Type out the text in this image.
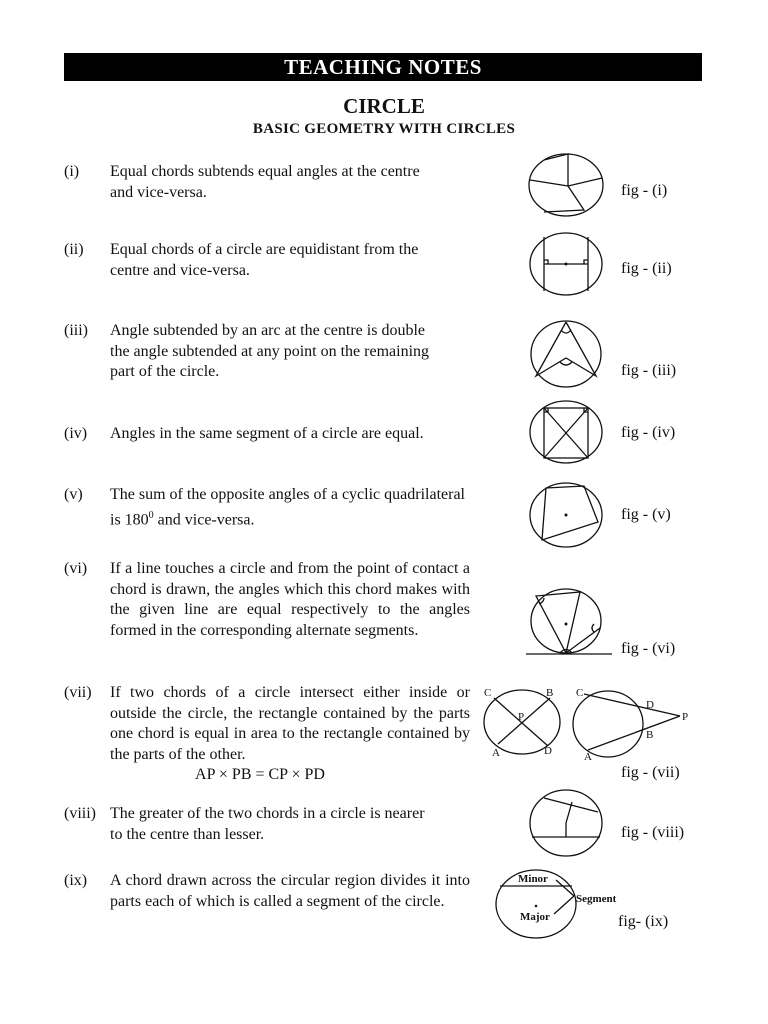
TEACHING NOTES
CIRCLE
BASIC GEOMETRY WITH CIRCLES
(i) Equal chords subtends equal angles at the centre
and vice-versa.	fig - (i)
(ii) Equal chords of a circle are equidistant from the
centre and vice-versa.	fig - (ii)
(iii) Angle subtended by an arc at the centre is double
the angle subtended at any point on the remaining
part of the circle.	fig - (iii)
(iv) Angles in the same segment of a circle are equal.	fig - (iv)
(v) The sum of the opposite angles of a cyclic quadrilateral is $180^0$ and vice-versa.	fig - (v)
(vi) If a line touches a circle and from the point of contact a chord is drawn, the angles which this chord makes with the given line are equal respectively to the angles formed in the corresponding alternate segments.
fig - (vi)
(vii) If two chords of a circle intersect either inside or outside the circle, the rectangle contained by the parts one chord is equal in area to the rectangle contained by the parts of the other.
AP × PB = CP × PD
C	B
P
A	D
C
D
P
B
A
fig - (vii)
(viii) The greater of the two chords in a circle is nearer
to the centre than lesser.	fig - (viii)
(ix) A chord drawn across the circular region divides it into parts each of which is called a segment of the circle.
Minor
Segment
Major	fig- (ix)
